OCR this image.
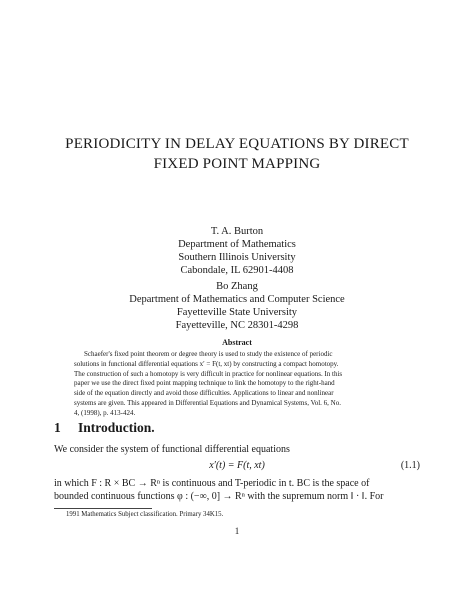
PERIODICITY IN DELAY EQUATIONS BY DIRECT
FIXED POINT MAPPING
T. A. Burton
Department of Mathematics
Southern Illinois University
Cabondale, IL 62901-4408
Bo Zhang
Department of Mathematics and Computer Science
Fayetteville State University
Fayetteville, NC 28301-4298
Abstract
Schaefer's fixed point theorem or degree theory is used to study the existence of periodic
solutions in functional differential equations x′ = F(t, xt) by constructing a compact homotopy.
The construction of such a homotopy is very difficult in practice for nonlinear equations. In this
paper we use the direct fixed point mapping technique to link the homotopy to the right-hand
side of the equation directly and avoid those difficulties. Applications to linear and nonlinear
systems are given. This appeared in Differential Equations and Dynamical Systems, Vol. 6, No.
4, (1998), p. 413-424.
1 Introduction.
We consider the system of functional differential equations
x′(t) = F(t, xt)	(1.1)
in which F : R × BC → Rⁿ is continuous and T-periodic in t. BC is the space of
bounded continuous functions φ : (−∞, 0] → Rⁿ with the supremum norm ‖ · ‖. For
1991 Mathematics Subject classification. Primary 34K15.
1
